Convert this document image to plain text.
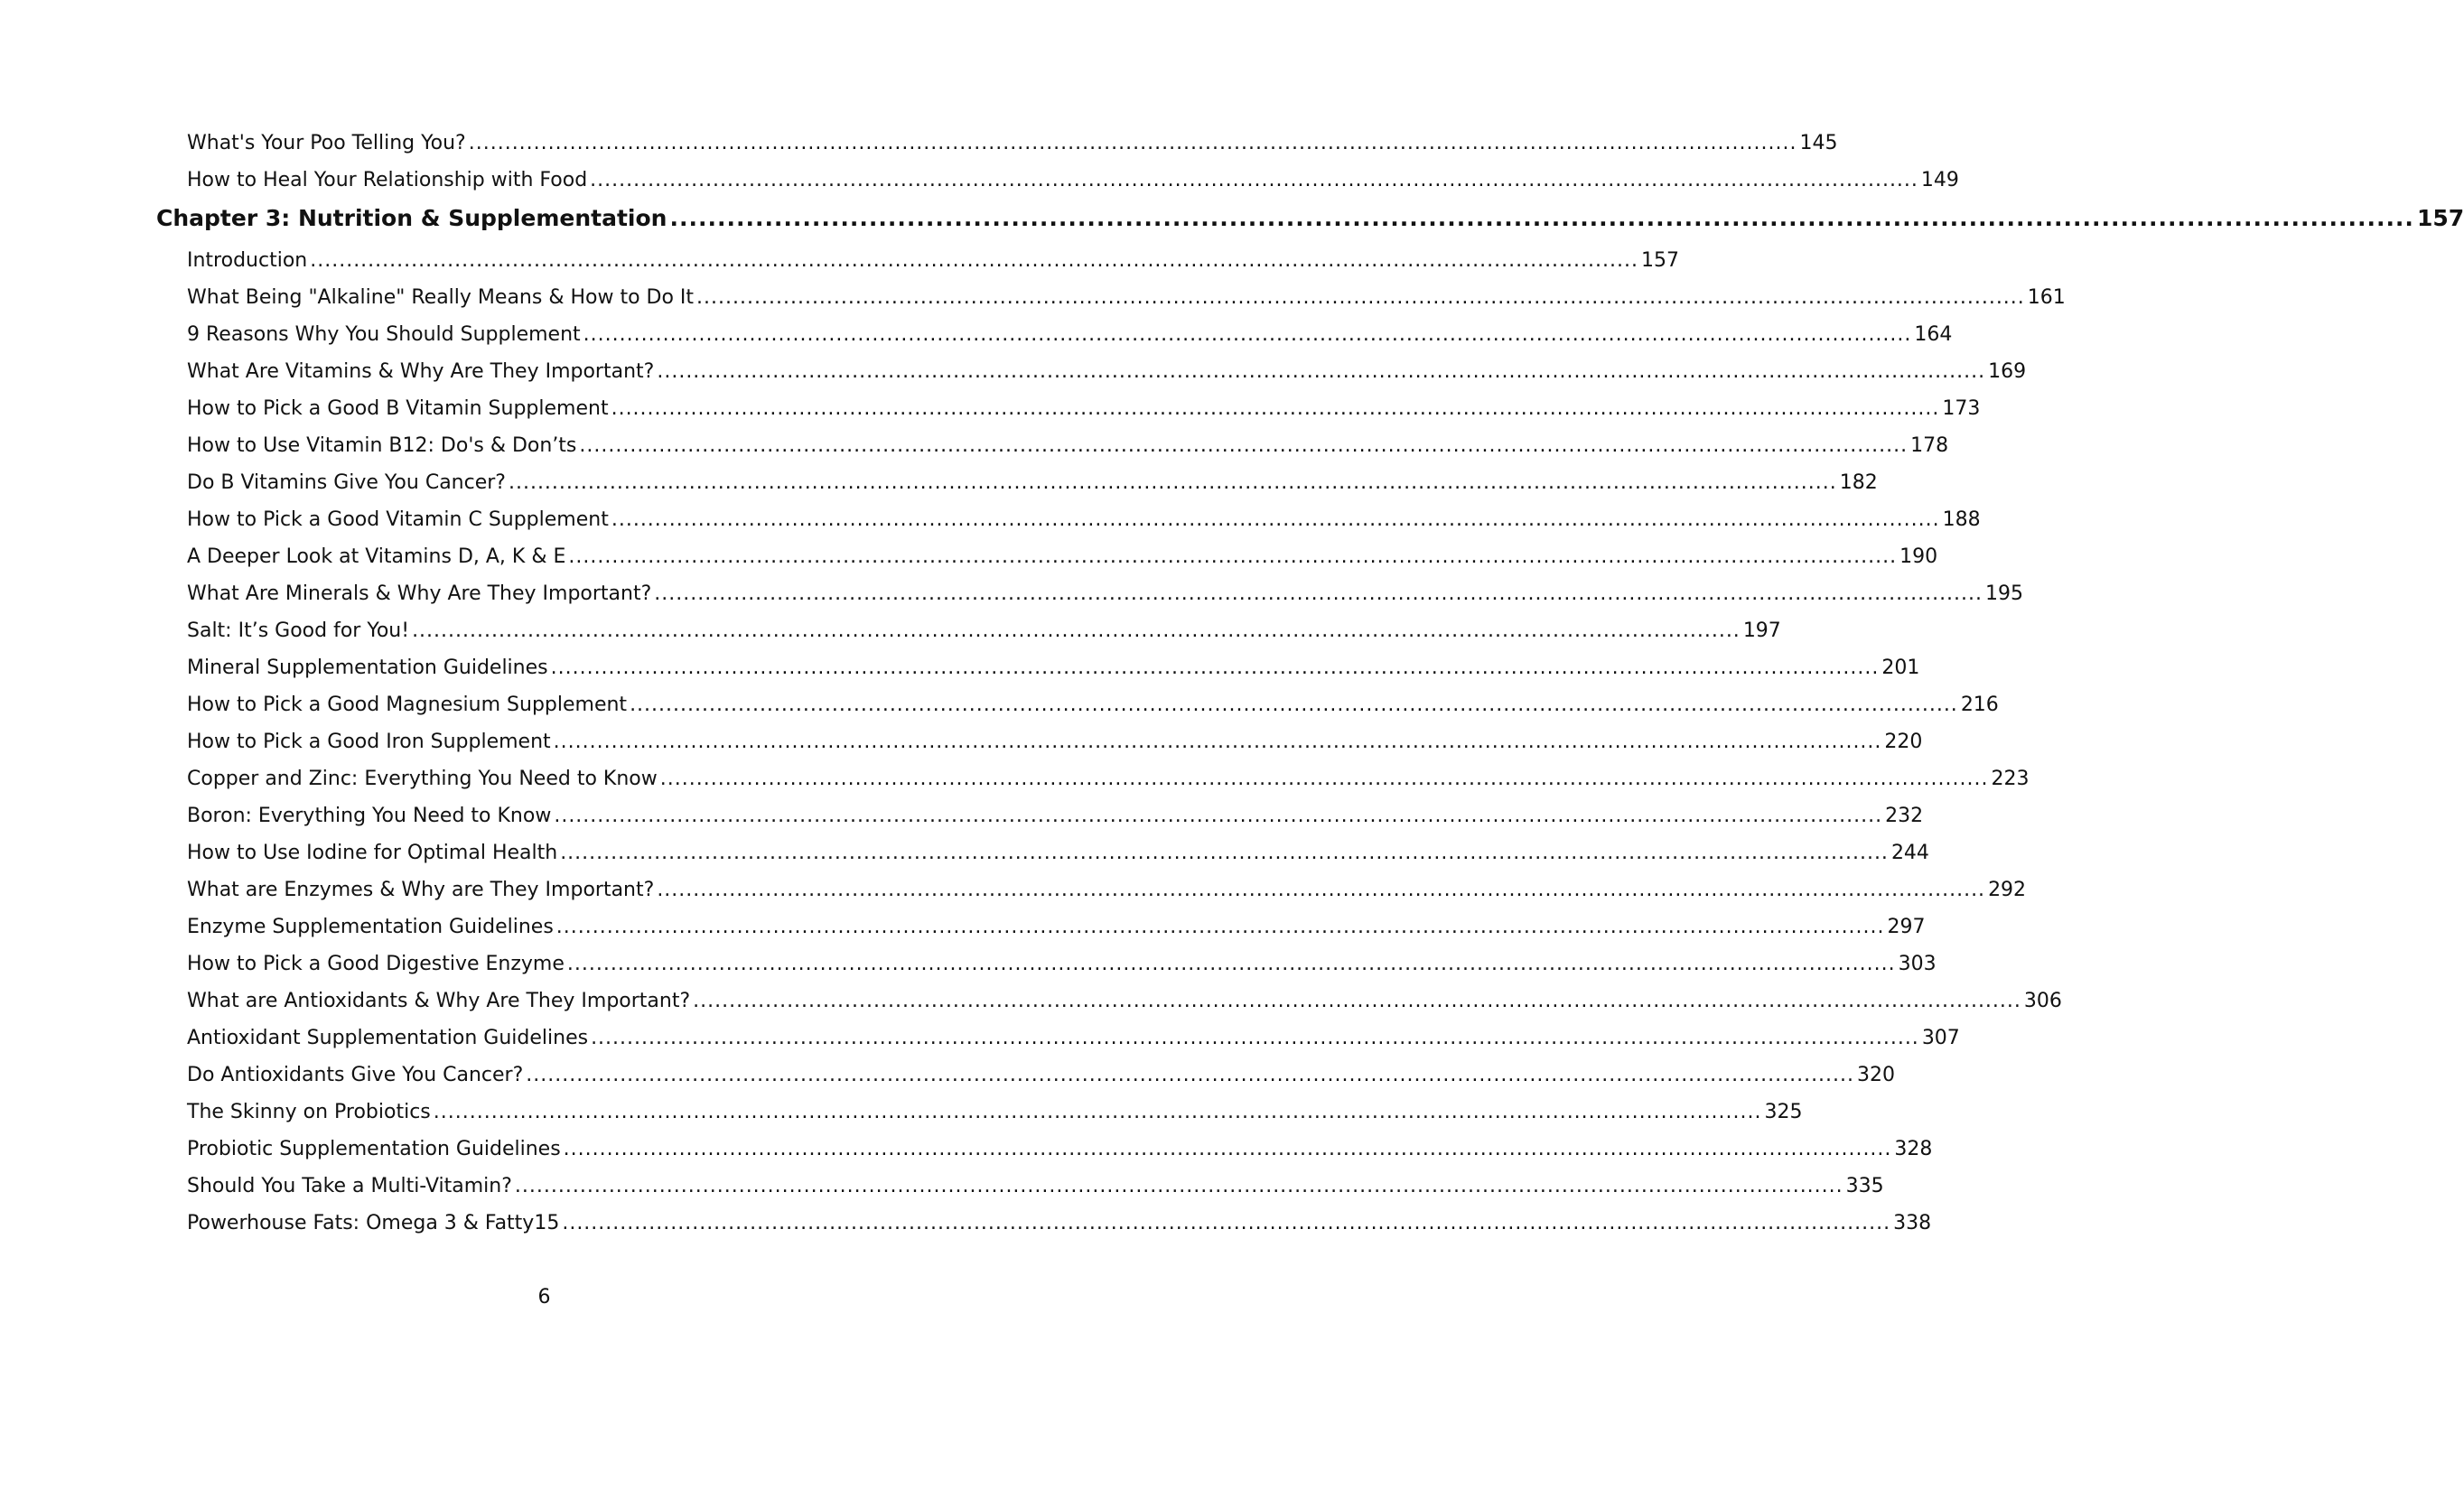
What's Your Poo Telling You? ........................................................................................................................................................................................ 145
How to Heal Your Relationship with Food ........................................................................................................................................................................................ 149
Chapter 3: Nutrition & Supplementation ........................................................................................................................................................................................ 157
Introduction ........................................................................................................................................................................................ 157
What Being "Alkaline" Really Means & How to Do It ........................................................................................................................................................................................ 161
9 Reasons Why You Should Supplement ........................................................................................................................................................................................ 164
What Are Vitamins & Why Are They Important? ........................................................................................................................................................................................ 169
How to Pick a Good B Vitamin Supplement ........................................................................................................................................................................................ 173
How to Use Vitamin B12: Do's & Don’ts ........................................................................................................................................................................................ 178
Do B Vitamins Give You Cancer? ........................................................................................................................................................................................ 182
How to Pick a Good Vitamin C Supplement ........................................................................................................................................................................................ 188
A Deeper Look at Vitamins D, A, K & E ........................................................................................................................................................................................ 190
What Are Minerals & Why Are They Important? ........................................................................................................................................................................................ 195
Salt: It’s Good for You! ........................................................................................................................................................................................ 197
Mineral Supplementation Guidelines ........................................................................................................................................................................................ 201
How to Pick a Good Magnesium Supplement ........................................................................................................................................................................................ 216
How to Pick a Good Iron Supplement ........................................................................................................................................................................................ 220
Copper and Zinc: Everything You Need to Know ........................................................................................................................................................................................ 223
Boron: Everything You Need to Know ........................................................................................................................................................................................ 232
How to Use Iodine for Optimal Health ........................................................................................................................................................................................ 244
What are Enzymes & Why are They Important? ........................................................................................................................................................................................ 292
Enzyme Supplementation Guidelines ........................................................................................................................................................................................ 297
How to Pick a Good Digestive Enzyme ........................................................................................................................................................................................ 303
What are Antioxidants & Why Are They Important? ........................................................................................................................................................................................ 306
Antioxidant Supplementation Guidelines ........................................................................................................................................................................................ 307
Do Antioxidants Give You Cancer? ........................................................................................................................................................................................ 320
The Skinny on Probiotics ........................................................................................................................................................................................ 325
Probiotic Supplementation Guidelines ........................................................................................................................................................................................ 328
Should You Take a Multi-Vitamin? ........................................................................................................................................................................................ 335
Powerhouse Fats: Omega 3 & Fatty15 ........................................................................................................................................................................................ 338
6
